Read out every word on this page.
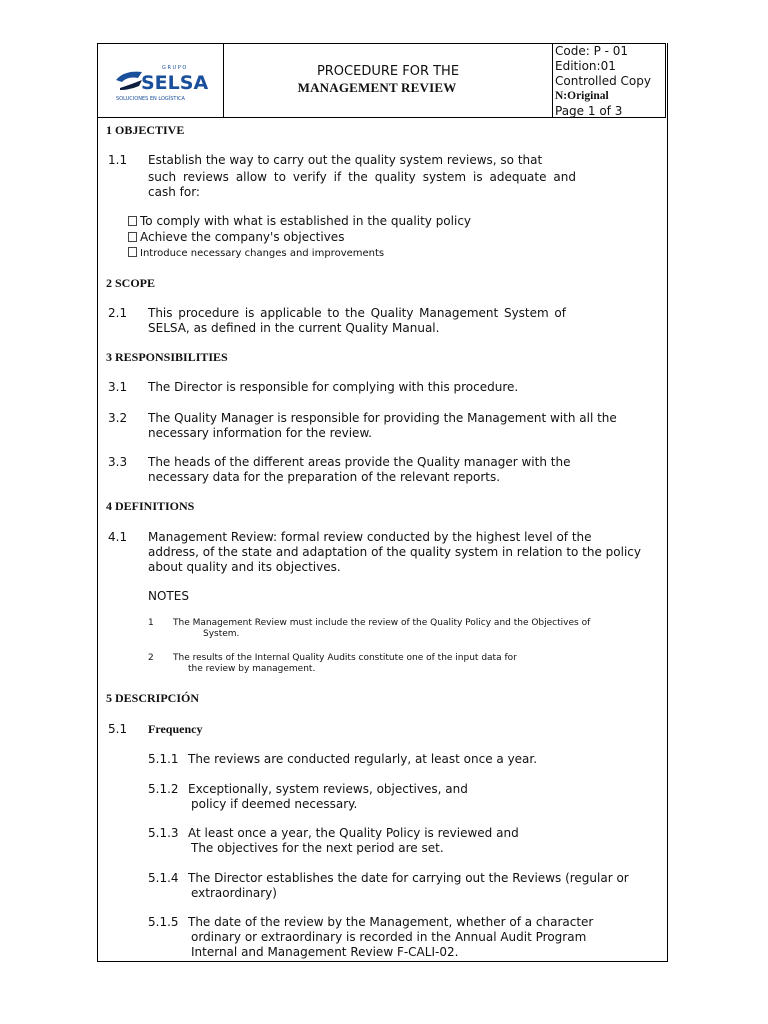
G R U P O
SELSA
SOLUCIONES EN LOGÍSTICA
PROCEDURE FOR THE
MANAGEMENT REVIEW
Code: P - 01
Edition:01
Controlled Copy
N:Original
Page 1 of 3
1 OBJECTIVE
1.1 Establish the way to carry out the quality system reviews, so that
such reviews allow to verify if the quality system is adequate and
cash for:
To comply with what is established in the quality policy
Achieve the company's objectives
Introduce necessary changes and improvements
2 SCOPE
2.1 This procedure is applicable to the Quality Management System of
SELSA, as defined in the current Quality Manual.
3 RESPONSIBILITIES
3.1 The Director is responsible for complying with this procedure.
3.2 The Quality Manager is responsible for providing the Management with all the
necessary information for the review.
3.3 The heads of the different areas provide the Quality manager with the
necessary data for the preparation of the relevant reports.
4 DEFINITIONS
4.1 Management Review: formal review conducted by the highest level of the
address, of the state and adaptation of the quality system in relation to the policy
about quality and its objectives.
NOTES
1 The Management Review must include the review of the Quality Policy and the Objectives of
System.
2 The results of the Internal Quality Audits constitute one of the input data for
the review by management.
5 DESCRIPCIÓN
5.1 Frequency
5.1.1 The reviews are conducted regularly, at least once a year.
5.1.2 Exceptionally, system reviews, objectives, and
policy if deemed necessary.
5.1.3 At least once a year, the Quality Policy is reviewed and
The objectives for the next period are set.
5.1.4 The Director establishes the date for carrying out the Reviews (regular or
extraordinary)
5.1.5 The date of the review by the Management, whether of a character
ordinary or extraordinary is recorded in the Annual Audit Program
Internal and Management Review F-CALI-02.
